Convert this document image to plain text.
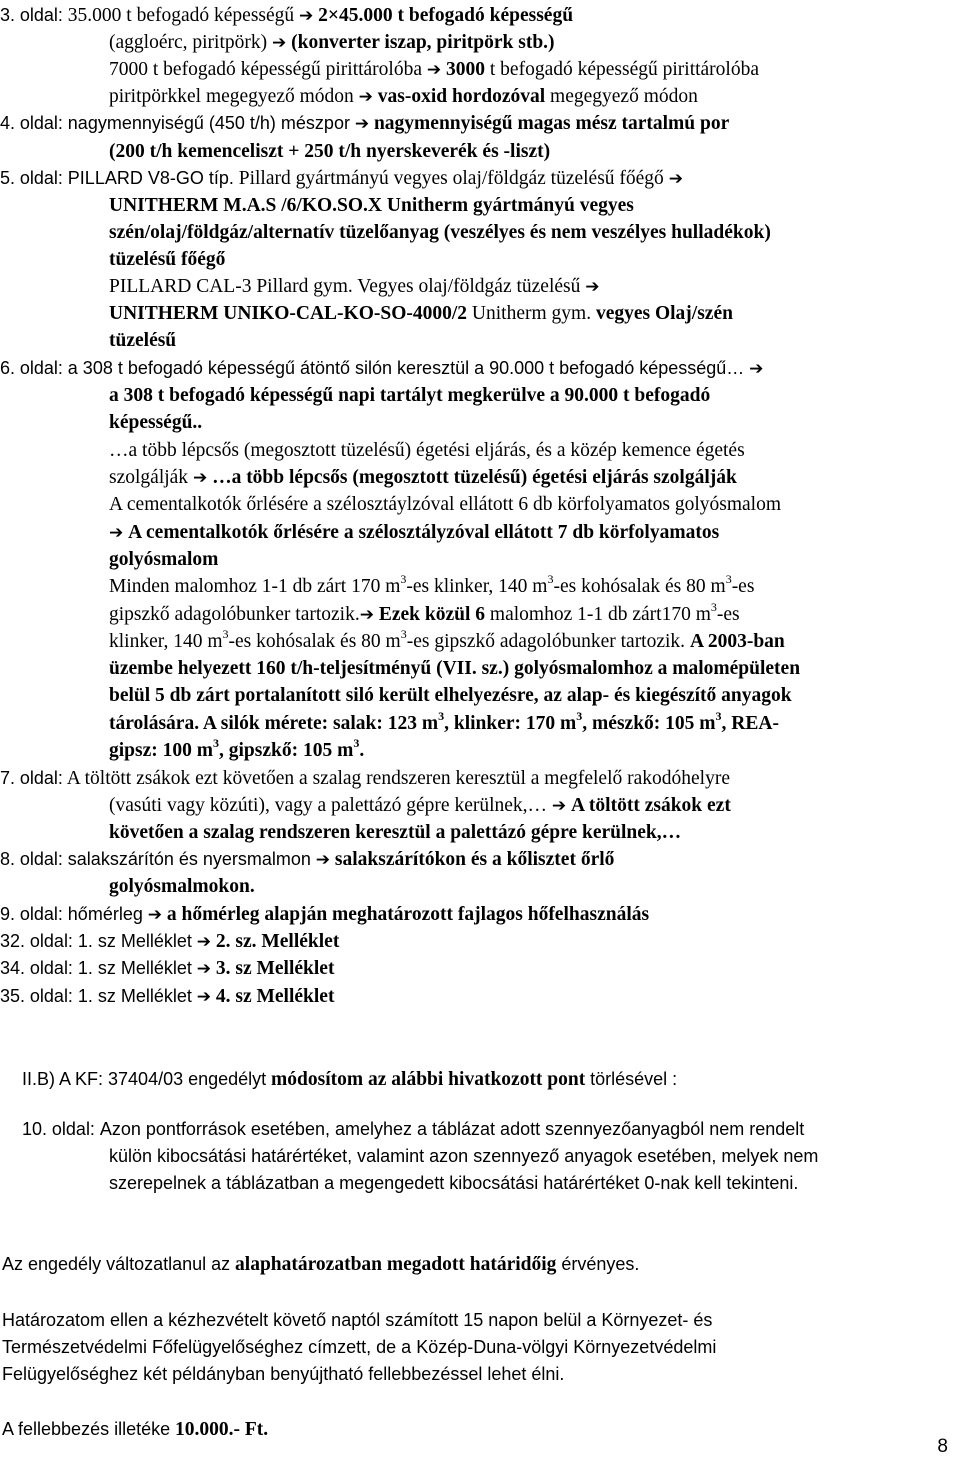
3. oldal: 35.000 t befogadó képességű ➔ 2×45.000 t befogadó képességű
(aggloérc, piritpörk) ➔ (konverter iszap, piritpörk stb.)
7000 t befogadó képességű pirittárolóba ➔ 3000 t befogadó képességű pirittárolóba
piritpörkkel megegyező módon ➔ vas-oxid hordozóval megegyező módon
4. oldal: nagymennyiségű (450 t/h) mészpor ➔ nagymennyiségű magas mész tartalmú por
(200 t/h kemenceliszt + 250 t/h nyerskeverék és -liszt)
5. oldal: PILLARD V8-GO típ. Pillard gyártmányú vegyes olaj/földgáz tüzelésű főégő ➔
UNITHERM M.A.S /6/KO.SO.X Unitherm gyártmányú vegyes
szén/olaj/földgáz/alternatív tüzelőanyag (veszélyes és nem veszélyes hulladékok)
tüzelésű főégő
PILLARD CAL-3 Pillard gym. Vegyes olaj/földgáz tüzelésű ➔
UNITHERM UNIKO-CAL-KO-SO-4000/2 Unitherm gym. vegyes Olaj/szén
tüzelésű
6. oldal: a 308 t befogadó képességű átöntő silón keresztül a 90.000 t befogadó képességű… ➔
a 308 t befogadó képességű napi tartályt megkerülve a 90.000 t befogadó
képességű..
…a több lépcsős (megosztott tüzelésű) égetési eljárás, és a közép kemence égetés
szolgálják ➔ …a több lépcsős (megosztott tüzelésű) égetési eljárás szolgálják
A cementalkotók őrlésére a szélosztáylzóval ellátott 6 db körfolyamatos golyósmalom
➔ A cementalkotók őrlésére a szélosztályzóval ellátott 7 db körfolyamatos
golyósmalom
Minden malomhoz 1-1 db zárt 170 $m^3-es$ klinker, 140 $m^3-es$ kohósalak és 80 $m^3-es$
gipszkő adagolóbunker tartozik.➔ Ezek közül 6 malomhoz 1-1 db zárt170 $m^3-es$
klinker, 140 $m^3-es$ kohósalak és 80 $m^3-es$ gipszkő adagolóbunker tartozik. A 2003-ban
üzembe helyezett 160 t/h-teljesítményű (VII. sz.) golyósmalomhoz a malomépületen
belül 5 db zárt portalanított siló került elhelyezésre, az alap- és kiegészítő anyagok
tárolására. A silók mérete: salak: 123 $m^3$, klinker: 170 $m^3$, mészkő: 105 $m^3$, REA-
gipsz: 100 $m^3$, gipszkő: 105 $m^3$.
7. oldal: A töltött zsákok ezt követően a szalag rendszeren keresztül a megfelelő rakodóhelyre
(vasúti vagy közúti), vagy a palettázó gépre kerülnek,… ➔ A töltött zsákok ezt
követően a szalag rendszeren keresztül a palettázó gépre kerülnek,…
8. oldal: salakszárítón és nyersmalmon ➔ salakszárítókon és a kőlisztet őrlő
golyósmalmokon.
9. oldal: hőmérleg ➔ a hőmérleg alapján meghatározott fajlagos hőfelhasználás
32. oldal: 1. sz Melléklet ➔ 2. sz. Melléklet
34. oldal: 1. sz Melléklet ➔ 3. sz Melléklet
35. oldal: 1. sz Melléklet ➔ 4. sz Melléklet
II.B) A KF: 37404/03 engedélyt módosítom az alábbi hivatkozott pont törlésével :
10. oldal: Azon pontforrások esetében, amelyhez a táblázat adott szennyezőanyagból nem rendelt
külön kibocsátási határértéket, valamint azon szennyező anyagok esetében, melyek nem
szerepelnek a táblázatban a megengedett kibocsátási határértéket 0-nak kell tekinteni.
Az engedély változatlanul az alaphatározatban megadott határidőig érvényes.
Határozatom ellen a kézhezvételt követő naptól számított 15 napon belül a Környezet- és
Természetvédelmi Főfelügyelőséghez címzett, de a Közép-Duna-völgyi Környezetvédelmi
Felügyelőséghez két példányban benyújtható fellebbezéssel lehet élni.
A fellebbezés illetéke 10.000.- Ft.
8
